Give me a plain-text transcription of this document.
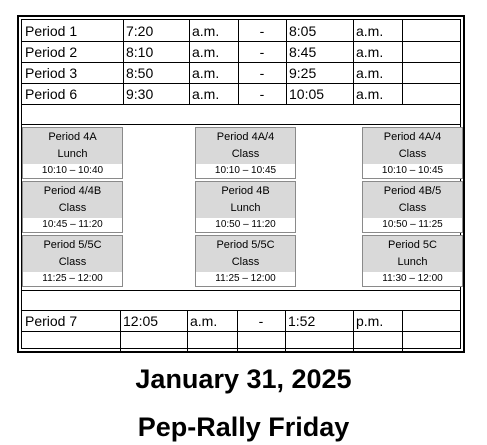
Period 1	7:20	a.m.	-	8:05	a.m.
Period 2	8:10	a.m.	-	8:45	a.m.
Period 3	8:50	a.m.	-	9:25	a.m.
Period 6	9:30	a.m.	-	10:05	a.m.
Period 4A
Lunch
10:10 – 10:40
Period 4/4B
Class
10:45 – 11:20
Period 5/5C
Class
11:25 – 12:00
Period 4A/4
Class
10:10 – 10:45
Period 4B
Lunch
10:50 – 11:20
Period 5/5C
Class
11:25 – 12:00
Period 4A/4
Class
10:10 – 10:45
Period 4B/5
Class
10:50 – 11:25
Period 5C
Lunch
11:30 – 12:00
Period 7	12:05	a.m.	-	1:52	p.m.
January 31, 2025
Pep-Rally Friday
